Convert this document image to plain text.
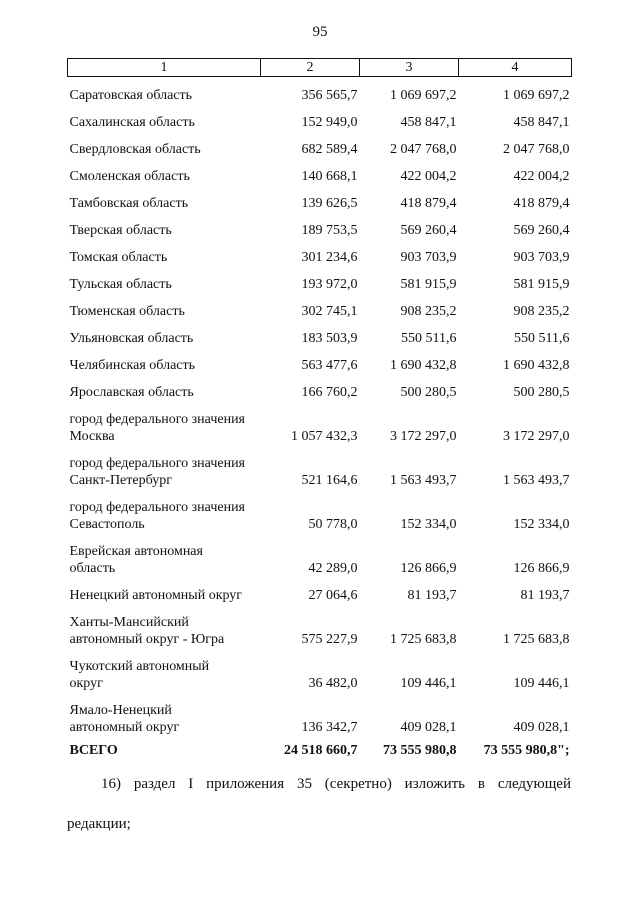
95
1	2	3	4

Саратовская область	356 565,7	1 069 697,2	1 069 697,2

Сахалинская область	152 949,0	458 847,1	458 847,1

Свердловская область	682 589,4	2 047 768,0	2 047 768,0

Смоленская область	140 668,1	422 004,2	422 004,2

Тамбовская область	139 626,5	418 879,4	418 879,4

Тверская область	189 753,5	569 260,4	569 260,4

Томская область	301 234,6	903 703,9	903 703,9

Тульская область	193 972,0	581 915,9	581 915,9

Тюменская область	302 745,1	908 235,2	908 235,2

Ульяновская область	183 503,9	550 511,6	550 511,6

Челябинская область	563 477,6	1 690 432,8	1 690 432,8

Ярославская область	166 760,2	500 280,5	500 280,5

город федерального значения
Москва	1 057 432,3	3 172 297,0	3 172 297,0

город федерального значения
Санкт-Петербург	521 164,6	1 563 493,7	1 563 493,7

город федерального значения
Севастополь	50 778,0	152 334,0	152 334,0

Еврейская автономная
область	42 289,0	126 866,9	126 866,9

Ненецкий автономный округ	27 064,6	81 193,7	81 193,7

Ханты-Мансийский
автономный округ - Югра	575 227,9	1 725 683,8	1 725 683,8

Чукотский автономный
округ	36 482,0	109 446,1	109 446,1

Ямало-Ненецкий
автономный округ	136 342,7	409 028,1	409 028,1
ВСЕГО	24 518 660,7	73 555 980,8	73 555 980,8";
16) раздел I приложения 35 (секретно) изложить в следующей
редакции;
